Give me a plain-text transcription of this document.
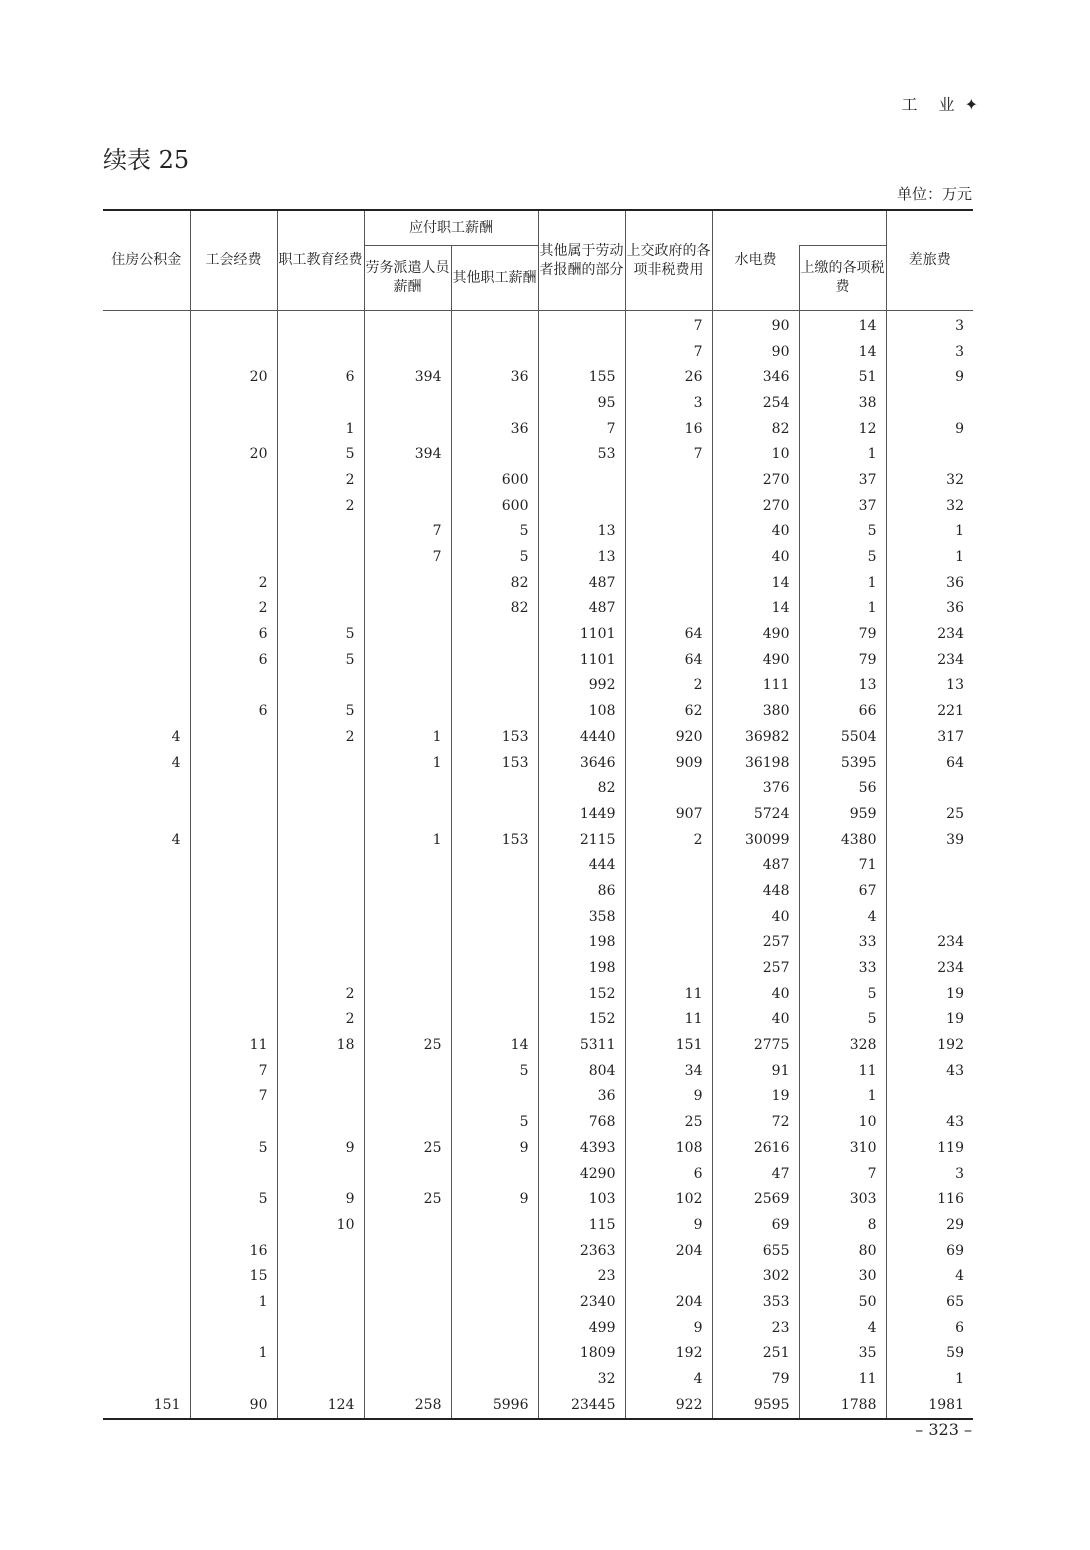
工 业 ✦
续表 25
单位：万元
住房公积金	工会经费	职工教育经费	应付职工薪酬		其他属于劳动者报酬的部分	上交政府的各项非税费用	水电费		差旅费
			劳务派遣人员薪酬	其他职工薪酬				上缴的各项税费	
						7	90	14	3
						7	90	14	3
	20	6	394	36	155	26	346	51	9
					95	3	254	38	
		1		36	7	16	82	12	9
	20	5	394		53	7	10	1	
		2		600			270	37	32
		2		600			270	37	32
			7	5	13		40	5	1
			7	5	13		40	5	1
	2			82	487		14	1	36
	2			82	487		14	1	36
	6	5			1101	64	490	79	234
	6	5			1101	64	490	79	234
					992	2	111	13	13
	6	5			108	62	380	66	221
4		2	1	153	4440	920	36982	5504	317
4			1	153	3646	909	36198	5395	64
					82		376	56	
					1449	907	5724	959	25
4			1	153	2115	2	30099	4380	39
					444		487	71	
					86		448	67	
					358		40	4	
					198		257	33	234
					198		257	33	234
		2			152	11	40	5	19
		2			152	11	40	5	19
	11	18	25	14	5311	151	2775	328	192
	7			5	804	34	91	11	43
	7				36	9	19	1	
				5	768	25	72	10	43
	5	9	25	9	4393	108	2616	310	119
					4290	6	47	7	3
	5	9	25	9	103	102	2569	303	116
		10			115	9	69	8	29
	16				2363	204	655	80	69
	15				23		302	30	4
	1				2340	204	353	50	65
					499	9	23	4	6
	1				1809	192	251	35	59
					32	4	79	11	1
151	90	124	258	5996	23445	922	9595	1788	1981
– 323 –
